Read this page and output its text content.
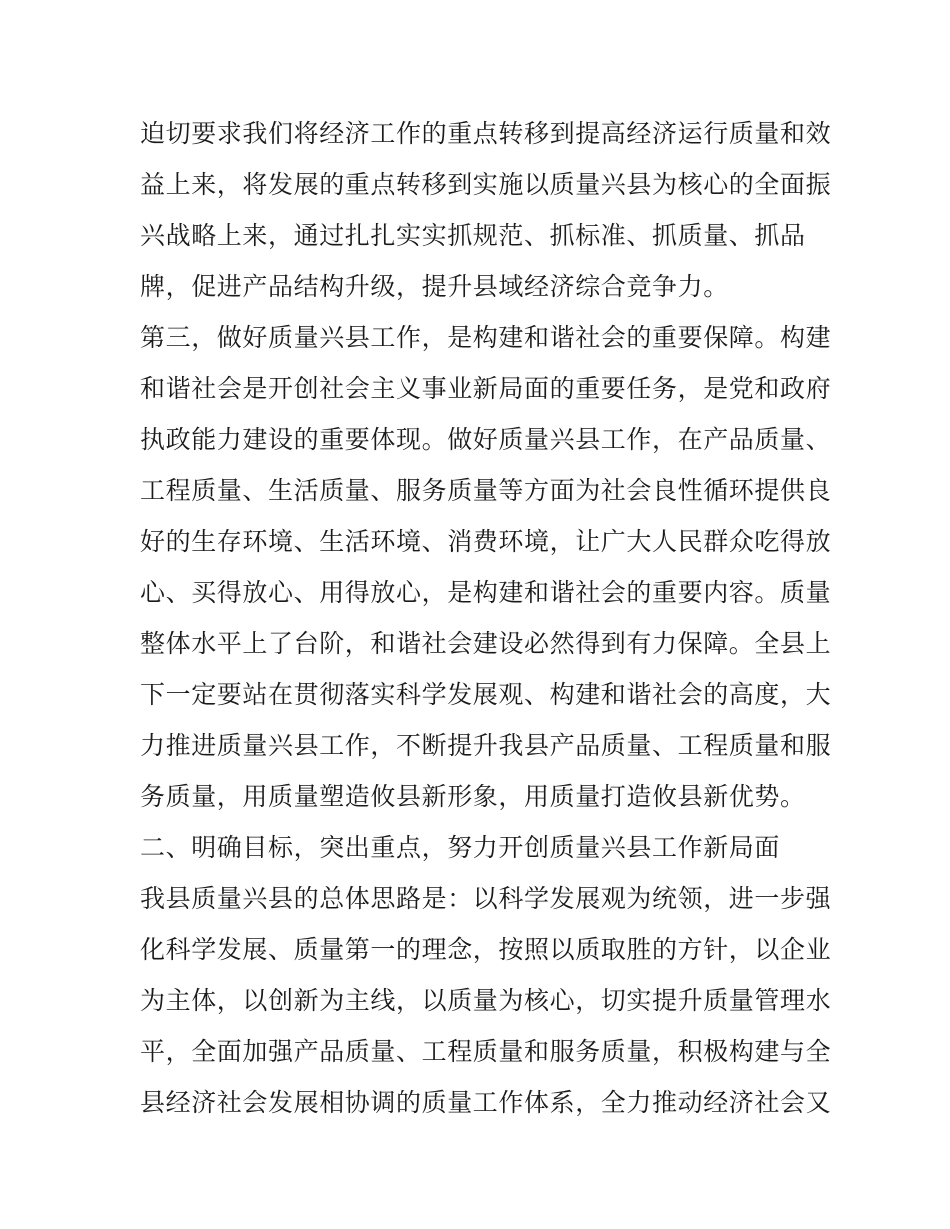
迫切要求我们将经济工作的重点转移到提高经济运行质量和效
益上来，将发展的重点转移到实施以质量兴县为核心的全面振
兴战略上来，通过扎扎实实抓规范、抓标准、抓质量、抓品
牌，促进产品结构升级，提升县域经济综合竞争力。
第三，做好质量兴县工作，是构建和谐社会的重要保障。构建
和谐社会是开创社会主义事业新局面的重要任务，是党和政府
执政能力建设的重要体现。做好质量兴县工作，在产品质量、
工程质量、生活质量、服务质量等方面为社会良性循环提供良
好的生存环境、生活环境、消费环境，让广大人民群众吃得放
心、买得放心、用得放心，是构建和谐社会的重要内容。质量
整体水平上了台阶，和谐社会建设必然得到有力保障。全县上
下一定要站在贯彻落实科学发展观、构建和谐社会的高度，大
力推进质量兴县工作，不断提升我县产品质量、工程质量和服
务质量，用质量塑造攸县新形象，用质量打造攸县新优势。
二、明确目标，突出重点，努力开创质量兴县工作新局面
我县质量兴县的总体思路是：以科学发展观为统领，进一步强
化科学发展、质量第一的理念，按照以质取胜的方针，以企业
为主体，以创新为主线，以质量为核心，切实提升质量管理水
平，全面加强产品质量、工程质量和服务质量，积极构建与全
县经济社会发展相协调的质量工作体系，全力推动经济社会又
